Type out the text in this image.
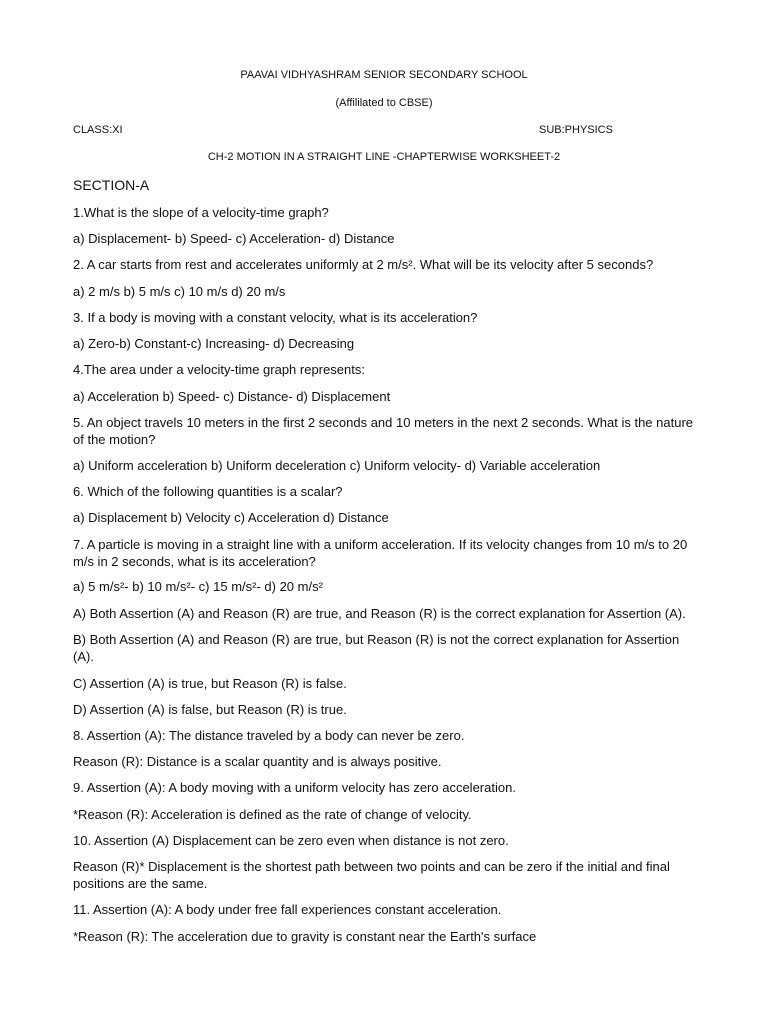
PAAVAI VIDHYASHRAM SENIOR SECONDARY SCHOOL
(Affililated to CBSE)
CLASS:XI	SUB:PHYSICS
CH-2 MOTION IN A STRAIGHT LINE -CHAPTERWISE WORKSHEET-2
SECTION-A
1.What is the slope of a velocity-time graph?
a) Displacement- b) Speed- c) Acceleration- d) Distance
2. A car starts from rest and accelerates uniformly at 2 m/s². What will be its velocity after 5 seconds?
a) 2 m/s b) 5 m/s c) 10 m/s d) 20 m/s
3. If a body is moving with a constant velocity, what is its acceleration?
a) Zero-b) Constant-c) Increasing- d) Decreasing
4.The area under a velocity-time graph represents:
a) Acceleration b) Speed- c) Distance- d) Displacement
5. An object travels 10 meters in the first 2 seconds and 10 meters in the next 2 seconds. What is the nature of the motion?
a) Uniform acceleration b) Uniform deceleration c) Uniform velocity- d) Variable acceleration
6. Which of the following quantities is a scalar?
a) Displacement b) Velocity c) Acceleration d) Distance
7. A particle is moving in a straight line with a uniform acceleration. If its velocity changes from 10 m/s to 20 m/s in 2 seconds, what is its acceleration?
a) 5 m/s²- b) 10 m/s²- c) 15 m/s²- d) 20 m/s²
A) Both Assertion (A) and Reason (R) are true, and Reason (R) is the correct explanation for Assertion (A).
B) Both Assertion (A) and Reason (R) are true, but Reason (R) is not the correct explanation for Assertion (A).
C) Assertion (A) is true, but Reason (R) is false.
D) Assertion (A) is false, but Reason (R) is true.
8. Assertion (A): The distance traveled by a body can never be zero.
Reason (R): Distance is a scalar quantity and is always positive.
9. Assertion (A): A body moving with a uniform velocity has zero acceleration.
*Reason (R): Acceleration is defined as the rate of change of velocity.
10. Assertion (A) Displacement can be zero even when distance is not zero.
Reason (R)* Displacement is the shortest path between two points and can be zero if the initial and final positions are the same.
11. Assertion (A): A body under free fall experiences constant acceleration.
*Reason (R): The acceleration due to gravity is constant near the Earth's surface
